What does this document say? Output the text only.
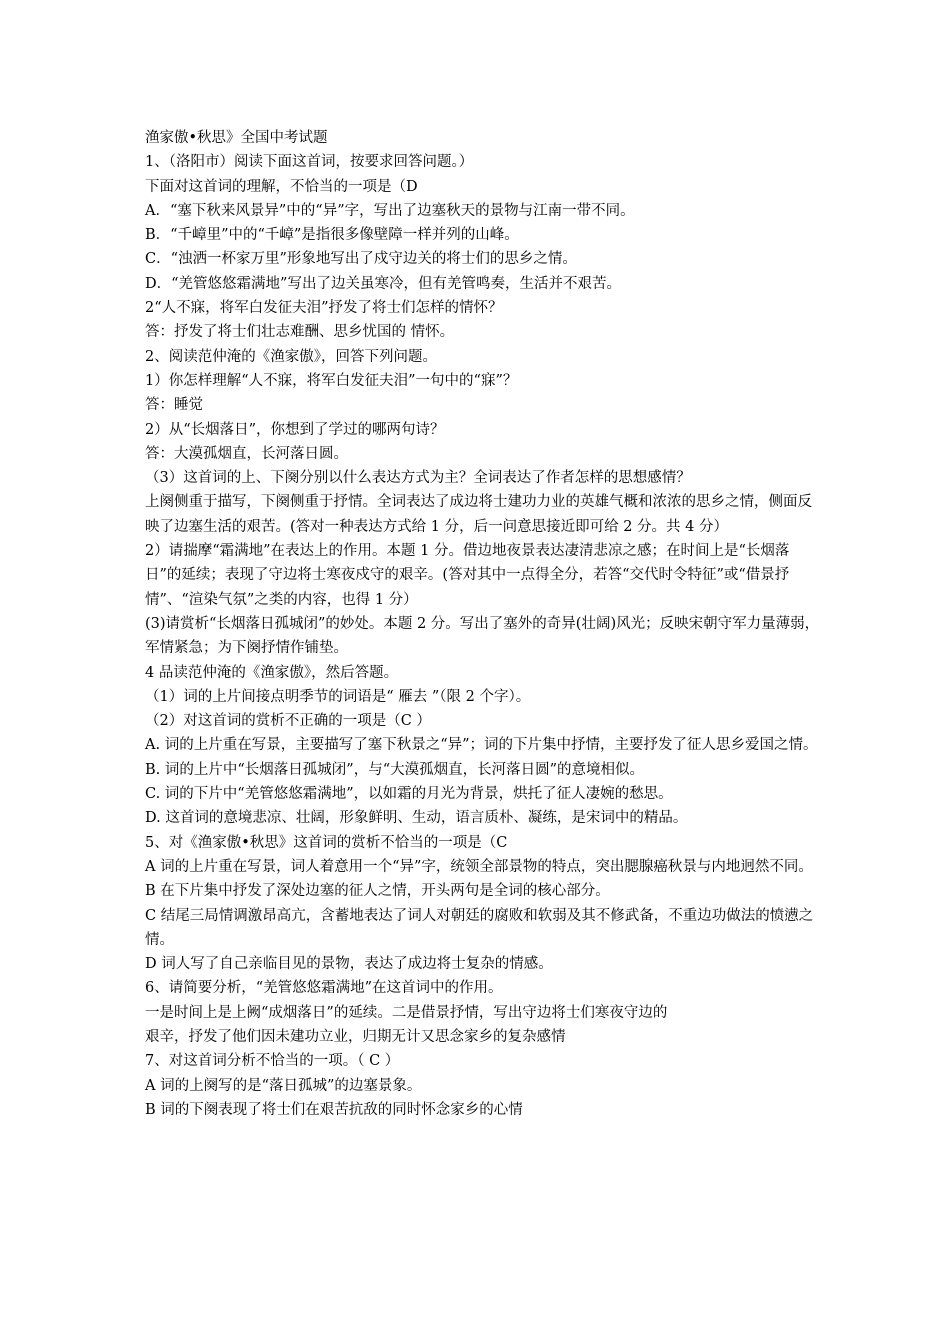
渔家傲•秋思》全国中考试题

1、（洛阳市）阅读下面这首词，按要求回答问题。）

下面对这首词的理解，不恰当的一项是（D

A．“塞下秋来风景异”中的“异”字，写出了边塞秋天的景物与江南一带不同。

B．“千嶂里”中的“千嶂”是指很多像壁障一样并列的山峰。

C．“浊洒一杯家万里”形象地写出了戍守边关的将士们的思乡之情。

D．“羌管悠悠霜满地”写出了边关虽寒冷，但有羌管鸣奏，生活并不艰苦。

2“人不寐，将军白发征夫泪”抒发了将士们怎样的情怀？

答：抒发了将士们壮志难酬、思乡忧国的 情怀。

2、阅读范仲淹的《渔家傲》，回答下列问题。

1）你怎样理解“人不寐，将军白发征夫泪”一句中的“寐”？

答：睡觉

2）从“长烟落日”，你想到了学过的哪两句诗？

答：大漠孤烟直，长河落日圆。

（3）这首词的上、下阕分别以什么表达方式为主？全词表达了作者怎样的思想感情？

上阕侧重于描写，下阕侧重于抒情。全词表达了成边将士建功力业的英雄气概和浓浓的思乡之情，侧面反映了边塞生活的艰苦。(答对一种表达方式给 1 分，后一问意思接近即可给 2 分。共 4 分）

2）请揣摩“霜满地”在表达上的作用。本题 1 分。借边地夜景表达凄清悲凉之感；在时间上是“长烟落日”的延续；表现了守边将士寒夜戍守的艰辛。(答对其中一点得全分，若答“交代时令特征”或“借景抒情”、“渲染气氛”之类的内容，也得 1 分）

(3)请赏析“长烟落日孤城闭”的妙处。本题 2 分。写出了塞外的奇异(壮阔)风光；反映宋朝守军力量薄弱，军情紧急；为下阕抒情作铺垫。

4 品读范仲淹的《渔家傲》，然后答题。

（1）词的上片间接点明季节的词语是“ 雁去 ”（限 2 个字）。

（2）对这首词的赏析不正确的一项是（C ）

A. 词的上片重在写景，主要描写了塞下秋景之“异”；词的下片集中抒情，主要抒发了征人思乡爱国之情。

B. 词的上片中“长烟落日孤城闭”，与“大漠孤烟直，长河落日圆”的意境相似。

C. 词的下片中“羌管悠悠霜满地”，以如霜的月光为背景，烘托了征人凄婉的愁思。

D. 这首词的意境悲凉、壮阔，形象鲜明、生动，语言质朴、凝练，是宋词中的精品。

5、对《渔家傲•秋思》这首词的赏析不恰当的一项是（C

A 词的上片重在写景，词人着意用一个“异”字，统领全部景物的特点，突出腮腺癌秋景与内地迥然不同。

B 在下片集中抒发了深处边塞的征人之情，开头两句是全词的核心部分。

C 结尾三局情调激昂高亢，含蓄地表达了词人对朝廷的腐败和软弱及其不修武备，不重边功做法的愤懑之情。

D 词人写了自己亲临目见的景物，表达了成边将士复杂的情感。

6、请简要分析，“羌管悠悠霜满地”在这首词中的作用。

一是时间上是上阙“成烟落日”的延续。二是借景抒情，写出守边将士们寒夜守边的

艰辛，抒发了他们因未建功立业，归期无计又思念家乡的复杂感情

7、对这首词分析不恰当的一项。（ C ）

A 词的上阕写的是“落日孤城”的边塞景象。

B 词的下阕表现了将士们在艰苦抗敌的同时怀念家乡的心情
